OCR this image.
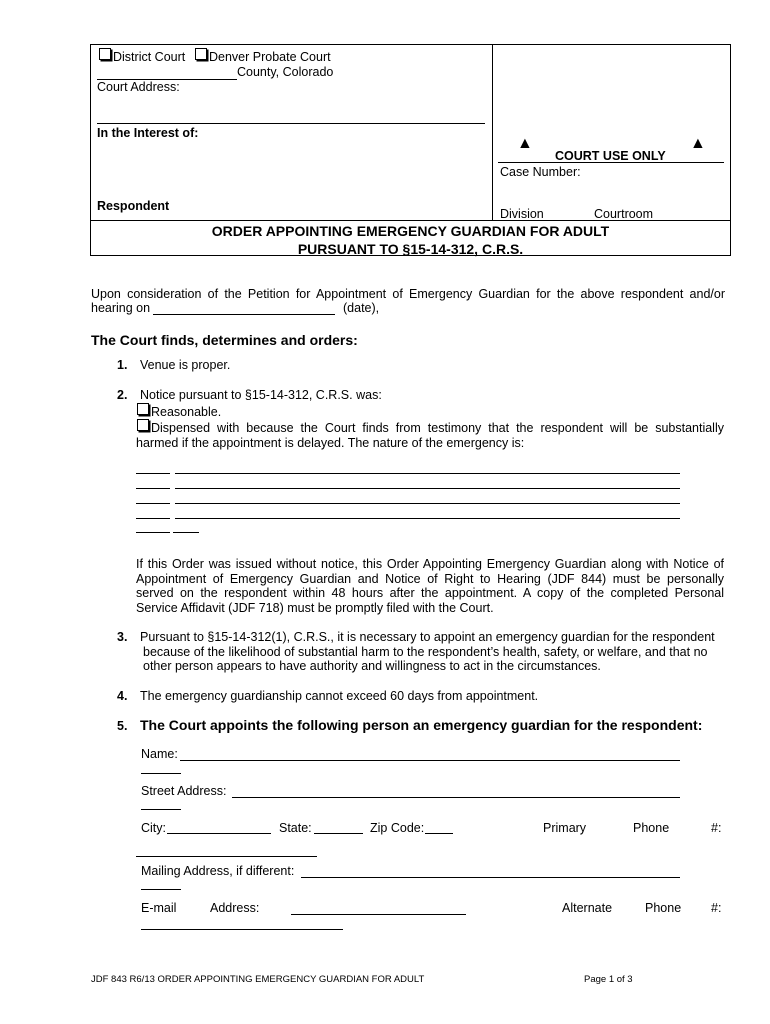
District Court Denver Probate Court
County, Colorado
Court Address:
In the Interest of:
Respondent
▲	▲
COURT USE ONLY
Case Number:
Division	Courtroom
ORDER APPOINTING EMERGENCY GUARDIAN FOR ADULT
PURSUANT TO §15-14-312, C.R.S.
Upon consideration of the Petition for Appointment of Emergency Guardian for the above respondent and/or
hearing on	(date),
The Court finds, determines and orders:
1. Venue is proper.
2. Notice pursuant to §15-14-312, C.R.S. was:
Reasonable.
Dispensed with because the Court finds from testimony that the respondent will be substantially
harmed if the appointment is delayed. The nature of the emergency is:
If this Order was issued without notice, this Order Appointing Emergency Guardian along with Notice of
Appointment of Emergency Guardian and Notice of Right to Hearing (JDF 844) must be personally
served on the respondent within 48 hours after the appointment. A copy of the completed Personal
Service Affidavit (JDF 718) must be promptly filed with the Court.
3. Pursuant to §15-14-312(1), C.R.S., it is necessary to appoint an emergency guardian for the respondent
because of the likelihood of substantial harm to the respondent’s health, safety, or welfare, and that no
other person appears to have authority and willingness to act in the circumstances.
4. The emergency guardianship cannot exceed 60 days from appointment.
5. The Court appoints the following person an emergency guardian for the respondent:
Name:
Street Address:
City:	State:	Zip Code:	Primary	Phone	#:
Mailing Address, if different:
E-mail	Address:	Alternate	Phone #:
JDF 843 R6/13 ORDER APPOINTING EMERGENCY GUARDIAN FOR ADULT	Page 1 of 3
